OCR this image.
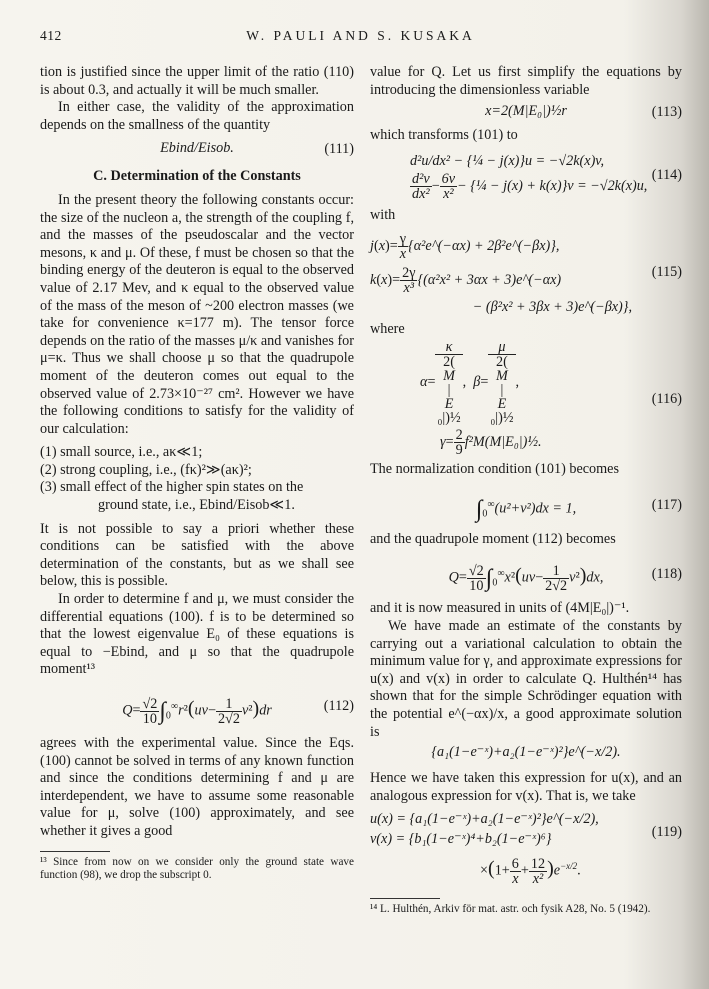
412	W. PAULI AND S. KUSAKA

tion is justified since the upper limit of the ratio (110) is about 0.3, and actually it will be much smaller.

In either case, the validity of the approximation depends on the smallness of the quantity

Ebind/Eisob.	(111)
C. Determination of the Constants

In the present theory the following constants occur: the size of the nucleon a, the strength of the coupling f, and the masses of the pseudoscalar and the vector mesons, κ and μ. Of these, f must be chosen so that the binding energy of the deuteron is equal to the observed value of 2.17 Mev, and κ equal to the observed value of the mass of the meson of ~200 electron masses (we take for convenience κ=177 m). The tensor force depends on the ratio of the masses μ/κ and vanishes for μ=κ. Thus we shall choose μ so that the quadrupole moment of the deuteron comes out equal to the observed value of 2.73×10⁻²⁷ cm². However we have the following conditions to satisfy for the validity of our calculation:

(1) small source, i.e., aκ≪1;

(2) strong coupling, i.e., (fκ)²≫(aκ)²;

(3) small effect of the higher spin states on the

ground state, i.e., Ebind/Eisob≪1.

It is not possible to say a priori whether these conditions can be satisfied with the above determination of the constants, but as we shall see below, this is possible.

In order to determine f and μ, we must consider the differential equations (100). f is to be determined so that the lowest eigenvalue E₀ of these equations is equal to −Ebind, and μ so that the quadrupole moment¹³

$Q= \frac{√2}{10} \int_0^\infty r^2(uv- \frac{1}{2√2} v^2)dr$	(112)

agrees with the experimental value. Since the Eqs. (100) cannot be solved in terms of any known function and since the conditions determining f and μ are interdependent, we have to assume some reasonable value for μ, solve (100) approximately, and see whether it gives a good

¹³ Since from now on we consider only the ground state wave function (98), we drop the subscript 0.

value for Q. Let us first simplify the equations by introducing the dimensionless variable

x=2(M|E₀|)½r	(113)

which transforms (101) to

d²u/dx² − {¼ − j(x)}u = −√2k(x)v,
$\frac{\text{d²v}}{\text{dx²}} - \frac{6v}{\text{x²}}$ − {¼ − j(x) + k(x)}v = −√2k(x)u,
(114)

with

$j(x)= \frac{\gamma}{x}$ {α²e^(−αx) + 2β²e^(−βx)},
$k(x)= \frac{2\gamma}{\text{x³}} \{(\alpha^2x^2 + 3\alpha x$ + 3)e^(−αx)
− (β²x² + 3βx + 3)e^(−βx)},
(115)

where

α= κ
2(
M
|
E
₀|)½ ,  β= μ
2(
M
|
E
₀|)½ ,
$\gamma= \frac{2}{9}$ f²M(M|E₀|)½.
(116)

The normalization condition (101) becomes

$\int_0^\infty(u^2+v^2)dx = 1$,	(117)

and the quadrupole moment (112) becomes

$Q= \frac{√2}{10} \int_0^\infty x^2(uv- \frac{1}{2√2} v^2)dx$,	(118)

and it is now measured in units of (4M|E₀|)⁻¹.

We have made an estimate of the constants by carrying out a variational calculation to obtain the minimum value for γ, and approximate expressions for u(x) and v(x) in order to calculate Q. Hulthén¹⁴ has shown that for the simple Schrödinger equation with the potential e^(−αx)/x, a good approximate solution is

{a₁(1−e⁻ˣ)+a₂(1−e⁻ˣ)²}e^(−x/2).

Hence we have taken this expression for u(x), and an analogous expression for v(x). That is, we take

u(x) = {a₁(1−e⁻ˣ)+a₂(1−e⁻ˣ)²}e^(−x/2),
v(x) = {b₁(1−e⁻ˣ)⁴+b₂(1−e⁻ˣ)⁶}
$\times(1+ \frac{6}{x} + \frac{12}{\text{x²}} )e^{-x/2}$.
(119)

¹⁴ L. Hulthén, Arkiv för mat. astr. och fysik A28, No. 5 (1942).
